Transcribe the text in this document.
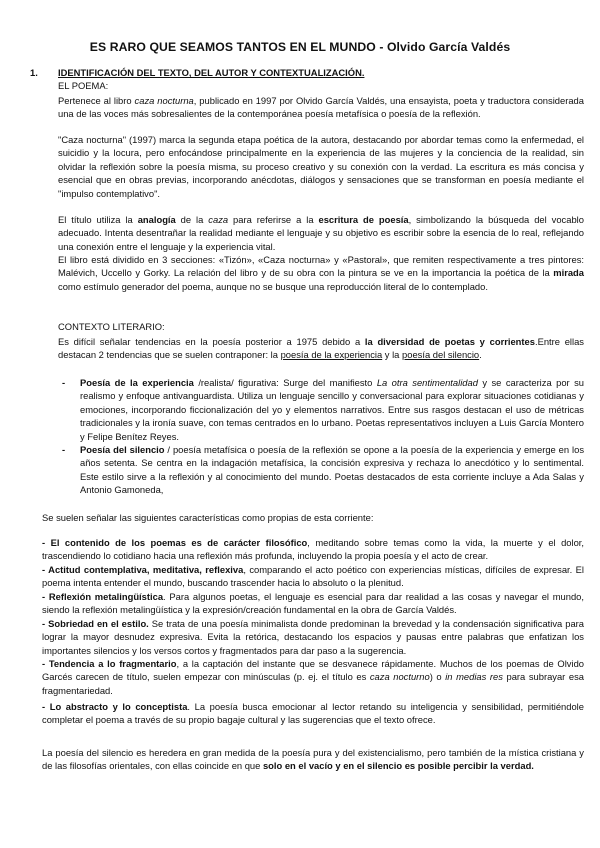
ES RARO QUE SEAMOS TANTOS EN EL MUNDO - Olvido García Valdés
1. IDENTIFICACIÓN DEL TEXTO, DEL AUTOR Y CONTEXTUALIZACIÓN.
EL POEMA:
Pertenece al libro caza nocturna, publicado en 1997 por Olvido García Valdés, una ensayista, poeta y traductora considerada una de las voces más sobresalientes de la contemporánea poesía metafísica o poesía de la reflexión.
"Caza nocturna" (1997) marca la segunda etapa poética de la autora, destacando por abordar temas como la enfermedad, el suicidio y la locura, pero enfocándose principalmente en la experiencia de las mujeres y la conciencia de la realidad, sin olvidar la reflexión sobre la poesía misma, su proceso creativo y su conexión con la verdad. La escritura es más concisa y esencial que en obras previas, incorporando anécdotas, diálogos y sensaciones que se transforman en poesía mediante el "impulso contemplativo".
El título utiliza la analogía de la caza para referirse a la escritura de poesía, simbolizando la búsqueda del vocablo adecuado. Intenta desentrañar la realidad mediante el lenguaje y su objetivo es escribir sobre la esencia de lo real, reflejando una conexión entre el lenguaje y la experiencia vital.
El libro está dividido en 3 secciones: «Tizón», «Caza nocturna» y «Pastoral», que remiten respectivamente a tres pintores: Malévich, Uccello y Gorky. La relación del libro y de su obra con la pintura se ve en la importancia la poética de la mirada como estímulo generador del poema, aunque no se busque una reproducción literal de lo contemplado.
CONTEXTO LITERARIO:
Es difícil señalar tendencias en la poesía posterior a 1975 debido a la diversidad de poetas y corrientes.Entre ellas destacan 2 tendencias que se suelen contraponer: la poesía de la experiencia y la poesía del silencio.
- Poesía de la experiencia /realista/ figurativa: Surge del manifiesto La otra sentimentalidad y se caracteriza por su realismo y enfoque antivanguardista. Utiliza un lenguaje sencillo y conversacional para explorar situaciones cotidianas y emociones, incorporando ficcionalización del yo y elementos narrativos. Entre sus rasgos destacan el uso de métricas tradicionales y la ironía suave, con temas centrados en lo urbano. Poetas representativos incluyen a Luis García Montero y Felipe Benítez Reyes.
- Poesía del silencio / poesía metafísica o poesía de la reflexión se opone a la poesía de la experiencia y emerge en los años setenta. Se centra en la indagación metafísica, la concisión expresiva y rechaza lo anecdótico y lo sentimental. Este estilo sirve a la reflexión y al conocimiento del mundo. Poetas destacados de esta corriente incluye a Ada Salas y Antonio Gamoneda,
Se suelen señalar las siguientes características como propias de esta corriente:
- El contenido de los poemas es de carácter filosófico, meditando sobre temas como la vida, la muerte y el dolor, trascendiendo lo cotidiano hacia una reflexión más profunda, incluyendo la propia poesía y el acto de crear.
- Actitud contemplativa, meditativa, reflexiva, comparando el acto poético con experiencias místicas, difíciles de expresar. El poema intenta entender el mundo, buscando trascender hacia lo absoluto o la plenitud.
- Reflexión metalingüística. Para algunos poetas, el lenguaje es esencial para dar realidad a las cosas y navegar el mundo, siendo la reflexión metalingüística y la expresión/creación fundamental en la obra de García Valdés.
- Sobriedad en el estilo. Se trata de una poesía minimalista donde predominan la brevedad y la condensación significativa para lograr la mayor desnudez expresiva. Evita la retórica, destacando los espacios y pausas entre palabras que enfatizan los importantes silencios y los versos cortos y fragmentados para dar paso a la sugerencia.
- Tendencia a lo fragmentario, a la captación del instante que se desvanece rápidamente. Muchos de los poemas de Olvido Garcés carecen de título, suelen empezar con minúsculas (p. ej. el título es caza nocturno) o in medias res para subrayar esa fragmentariedad.
- Lo abstracto y lo conceptista. La poesía busca emocionar al lector retando su inteligencia y sensibilidad, permitiéndole completar el poema a través de su propio bagaje cultural y las sugerencias que el texto ofrece.
La poesía del silencio es heredera en gran medida de la poesía pura y del existencialismo, pero también de la mística cristiana y de las filosofías orientales, con ellas coincide en que solo en el vacío y en el silencio es posible percibir la verdad.
